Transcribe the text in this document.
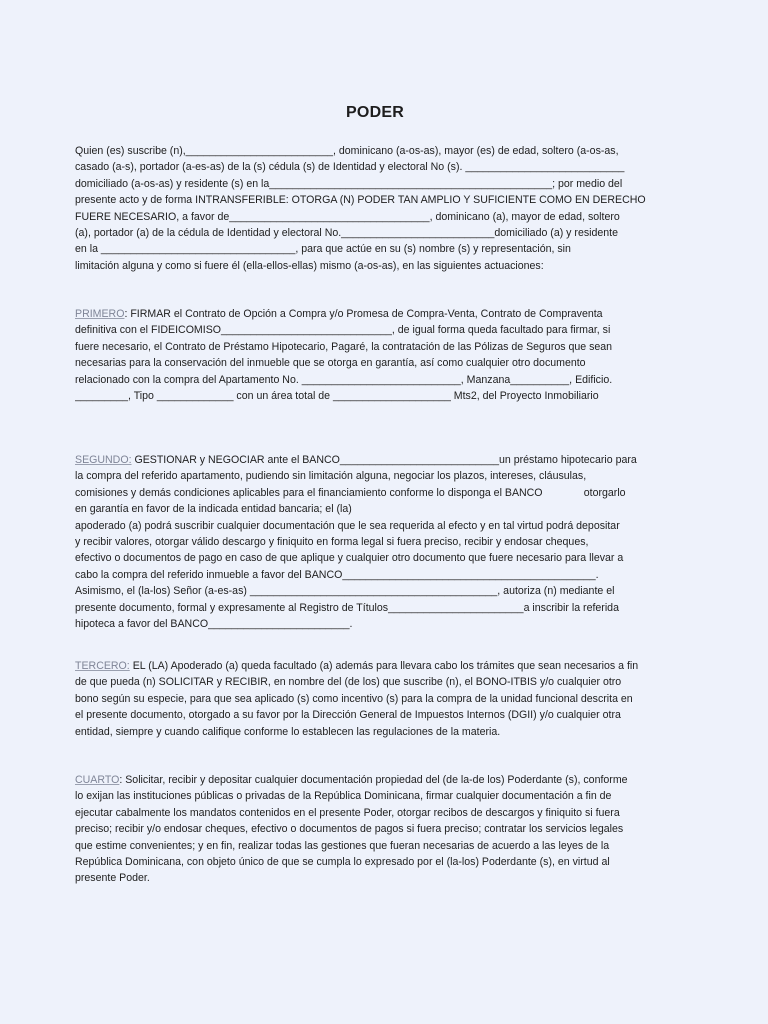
PODER
Quien (es) suscribe (n),_________________________, dominicano (a-os-as), mayor (es) de edad, soltero (a-os-as,
casado (a-s), portador (a-es-as) de la (s) cédula (s) de Identidad y electoral No (s). ___________________________
domiciliado (a-os-as) y residente (s) en la________________________________________________; por medio del
presente acto y de forma INTRANSFERIBLE: OTORGA (N) PODER TAN AMPLIO Y SUFICIENTE COMO EN DERECHO
FUERE NECESARIO, a favor de__________________________________, dominicano (a), mayor de edad, soltero
(a), portador (a) de la cédula de Identidad y electoral No.__________________________domiciliado (a) y residente
en la _________________________________, para que actúe en su (s) nombre (s) y representación, sin
limitación alguna y como si fuere él (ella-ellos-ellas) mismo (a-os-as), en las siguientes actuaciones:
PRIMERO: FIRMAR el Contrato de Opción a Compra y/o Promesa de Compra-Venta, Contrato de Compraventa
definitiva con el FIDEICOMISO_____________________________, de igual forma queda facultado para firmar, si
fuere necesario, el Contrato de Préstamo Hipotecario, Pagaré, la contratación de las Pólizas de Seguros que sean
necesarias para la conservación del inmueble que se otorga en garantía, así como cualquier otro documento
relacionado con la compra del Apartamento No. ___________________________, Manzana__________, Edificio.
_________, Tipo _____________ con un área total de ____________________ Mts2, del Proyecto Inmobiliario
SEGUNDO: GESTIONAR y NEGOCIAR ante el BANCO___________________________un préstamo hipotecario para
la compra del referido apartamento, pudiendo sin limitación alguna, negociar los plazos, intereses, cláusulas,
comisiones y demás condiciones aplicables para el financiamiento conforme lo disponga el BANCO              otorgarlo
en garantía en favor de la indicada entidad bancaria; el (la)
apoderado (a) podrá suscribir cualquier documentación que le sea requerida al efecto y en tal virtud podrá depositar
y recibir valores, otorgar válido descargo y finiquito en forma legal si fuera preciso, recibir y endosar cheques,
efectivo o documentos de pago en caso de que aplique y cualquier otro documento que fuere necesario para llevar a
cabo la compra del referido inmueble a favor del BANCO___________________________________________.
Asimismo, el (la-los) Señor (a-es-as) __________________________________________, autoriza (n) mediante el
presente documento, formal y expresamente al Registro de Títulos_______________________a inscribir la referida
hipoteca a favor del BANCO________________________.
TERCERO: EL (LA) Apoderado (a) queda facultado (a) además para llevara cabo los trámites que sean necesarios a fin
de que pueda (n) SOLICITAR y RECIBIR, en nombre del (de los) que suscribe (n), el BONO-ITBIS y/o cualquier otro
bono según su especie, para que sea aplicado (s) como incentivo (s) para la compra de la unidad funcional descrita en
el presente documento, otorgado a su favor por la Dirección General de Impuestos Internos (DGII) y/o cualquier otra
entidad, siempre y cuando califique conforme lo establecen las regulaciones de la materia.
CUARTO: Solicitar, recibir y depositar cualquier documentación propiedad del (de la-de los) Poderdante (s), conforme
lo exijan las instituciones públicas o privadas de la República Dominicana, firmar cualquier documentación a fin de
ejecutar cabalmente los mandatos contenidos en el presente Poder, otorgar recibos de descargos y finiquito si fuera
preciso; recibir y/o endosar cheques, efectivo o documentos de pagos si fuera preciso; contratar los servicios legales
que estime convenientes; y en fin, realizar todas las gestiones que fueran necesarias de acuerdo a las leyes de la
República Dominicana, con objeto único de que se cumpla lo expresado por el (la-los) Poderdante (s), en virtud al
presente Poder.
